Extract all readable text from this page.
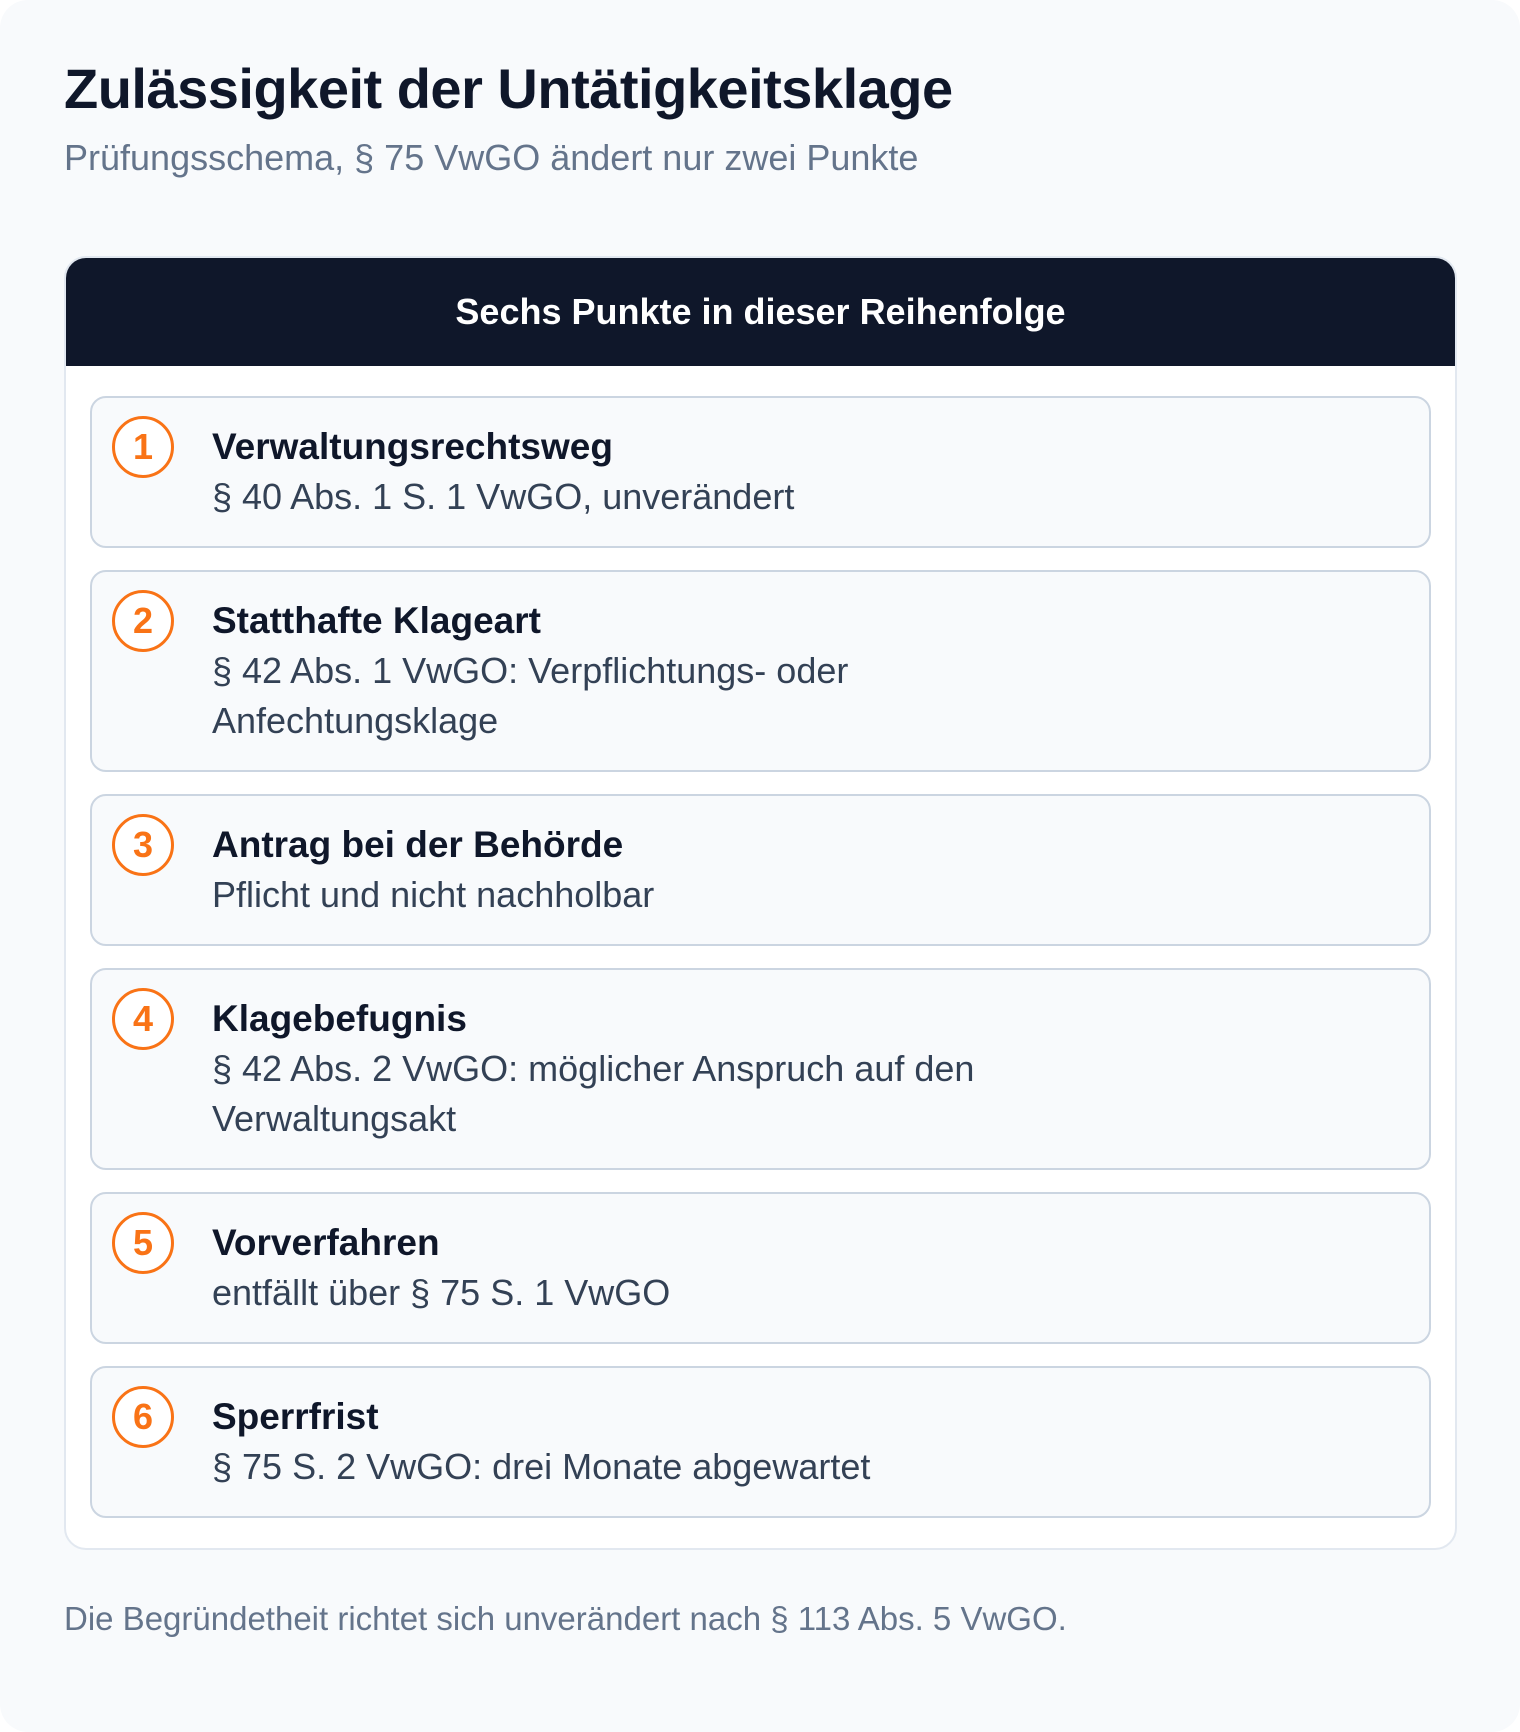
Zulässigkeit der Untätigkeitsklage

Prüfungsschema, § 75 VwGO ändert nur zwei Punkte

Sechs Punkte in dieser Reihenfolge
1	Verwaltungsrechtsweg
§ 40 Abs. 1 S. 1 VwGO, unverändert
2	Statthafte Klageart
§ 42 Abs. 1 VwGO: Verpflichtungs- oder Anfechtungsklage
3	Antrag bei der Behörde
Pflicht und nicht nachholbar
4	Klagebefugnis
§ 42 Abs. 2 VwGO: möglicher Anspruch auf den Verwaltungsakt
5	Vorverfahren
entfällt über § 75 S. 1 VwGO
6	Sperrfrist
§ 75 S. 2 VwGO: drei Monate abgewartet

Die Begründetheit richtet sich unverändert nach § 113 Abs. 5 VwGO.
